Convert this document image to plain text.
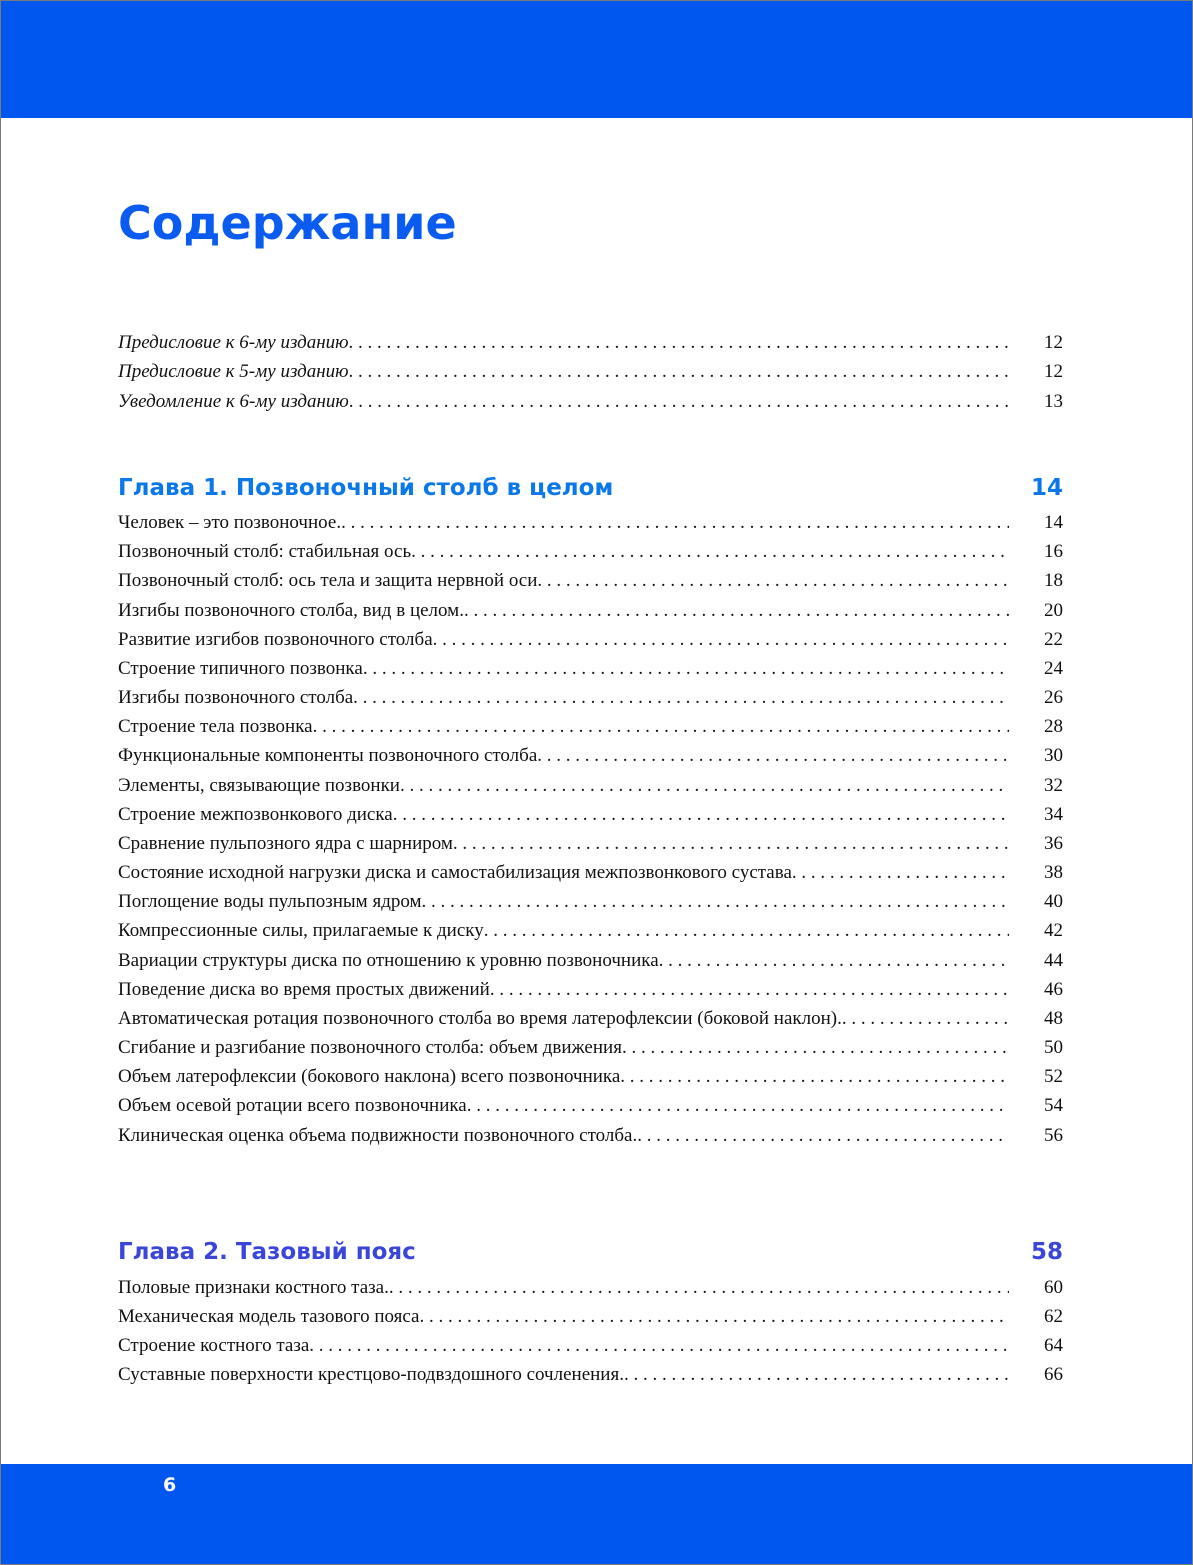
Содержание
Предисловие к 6-му изданию . . .	12
Предисловие к 5-му изданию . . .	12
Уведомление к 6-му изданию . . .	13
Глава 1. Позвоночный столб в целом	14
Человек – это позвоночное. . . .	14
Позвоночный столб: стабильная ось . . .	16
Позвоночный столб: ось тела и защита нервной оси . . .	18
Изгибы позвоночного столба, вид в целом. . . .	20
Развитие изгибов позвоночного столба . . .	22
Строение типичного позвонка . . .	24
Изгибы позвоночного столба . . .	26
Строение тела позвонка . . .	28
Функциональные компоненты позвоночного столба . . .	30
Элементы, связывающие позвонки . . .	32
Строение межпозвонкового диска . . .	34
Сравнение пульпозного ядра с шарниром . . .	36
Состояние исходной нагрузки диска и самостабилизация межпозвонкового сустава . . .	38
Поглощение воды пульпозным ядром . . .	40
Компрессионные силы, прилагаемые к диску . . .	42
Вариации структуры диска по отношению к уровню позвоночника . . .	44
Поведение диска во время простых движений . . .	46
Автоматическая ротация позвоночного столба во время латерофлексии (боковой наклон). . . .	48
Сгибание и разгибание позвоночного столба: объем движения . . .	50
Объем латерофлексии (бокового наклона) всего позвоночника . . .	52
Объем осевой ротации всего позвоночника . . .	54
Клиническая оценка объема подвижности позвоночного столба. . . .	56
Глава 2. Тазовый пояс	58
Половые признаки костного таза. . . .	60
Механическая модель тазового пояса . . .	62
Строение костного таза . . .	64
Суставные поверхности крестцово-подвздошного сочленения. . . .	66
6
